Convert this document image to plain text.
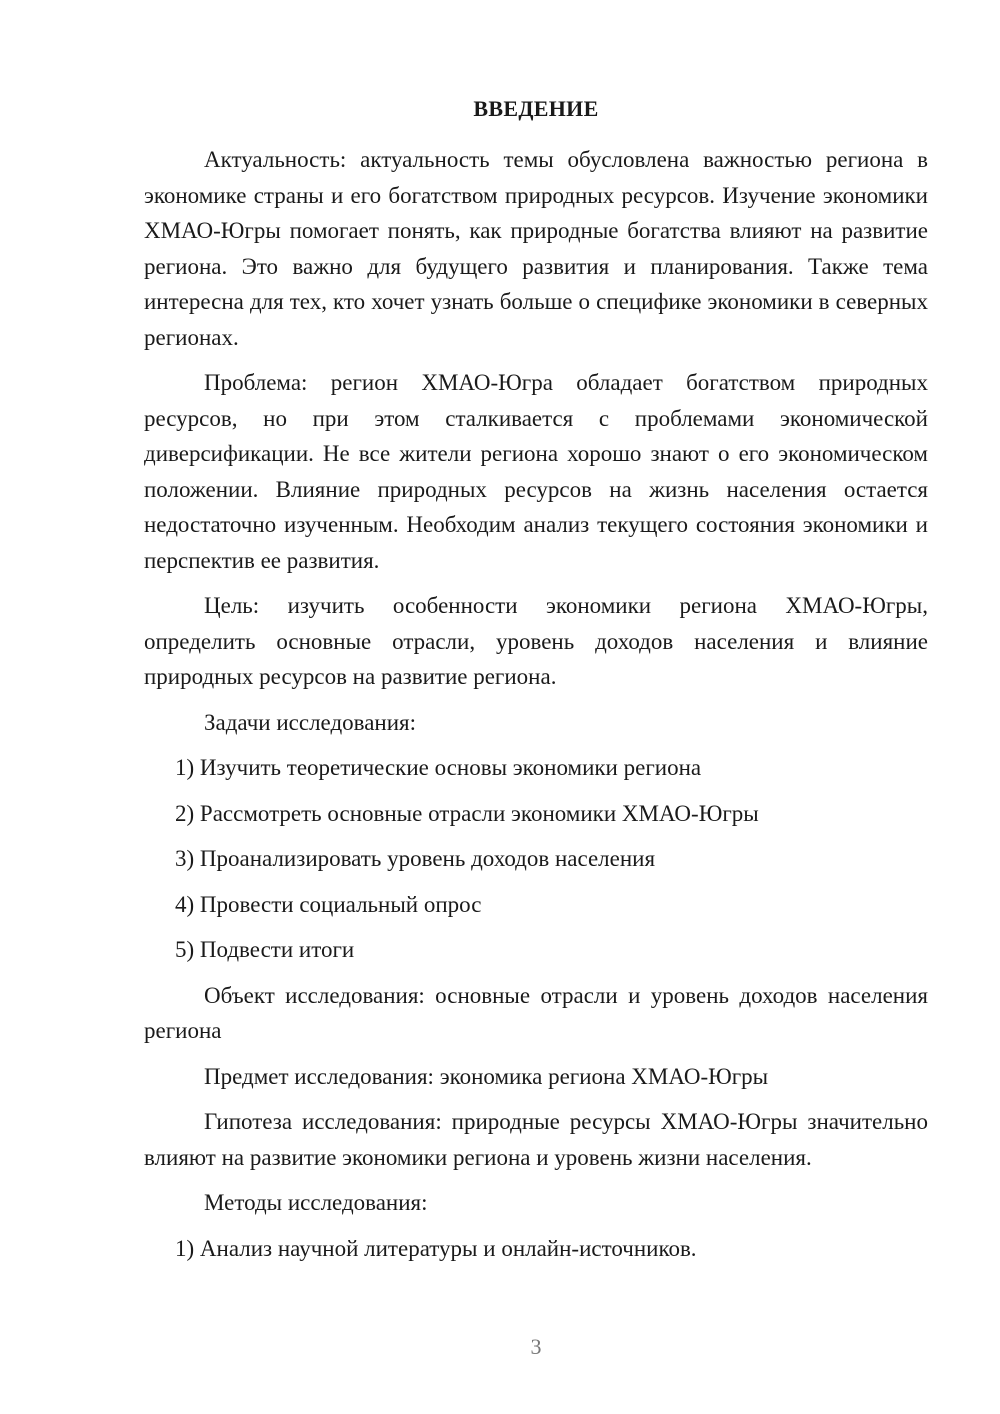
ВВЕДЕНИЕ

Актуальность: актуальность темы обусловлена важностью региона в экономике страны и его богатством природных ресурсов. Изучение экономики ХМАО-Югры помогает понять, как природные богатства влияют на развитие региона. Это важно для будущего развития и планирования. Также тема интересна для тех, кто хочет узнать больше о специфике экономики в северных регионах.

Проблема: регион ХМАО-Югра обладает богатством природных ресурсов, но при этом сталкивается с проблемами экономической диверсификации. Не все жители региона хорошо знают о его экономическом положении. Влияние природных ресурсов на жизнь населения остается недостаточно изученным. Необходим анализ текущего состояния экономики и перспектив ее развития.

Цель: изучить особенности экономики региона ХМАО-Югры, определить основные отрасли, уровень доходов населения и влияние природных ресурсов на развитие региона.

Задачи исследования:

1) Изучить теоретические основы экономики региона

2) Рассмотреть основные отрасли экономики ХМАО-Югры

3) Проанализировать уровень доходов населения

4) Провести социальный опрос

5) Подвести итоги

Объект исследования: основные отрасли и уровень доходов населения региона

Предмет исследования: экономика региона ХМАО-Югры

Гипотеза исследования: природные ресурсы ХМАО-Югры значительно влияют на развитие экономики региона и уровень жизни населения.

Методы исследования:

1) Анализ научной литературы и онлайн-источников.

3
